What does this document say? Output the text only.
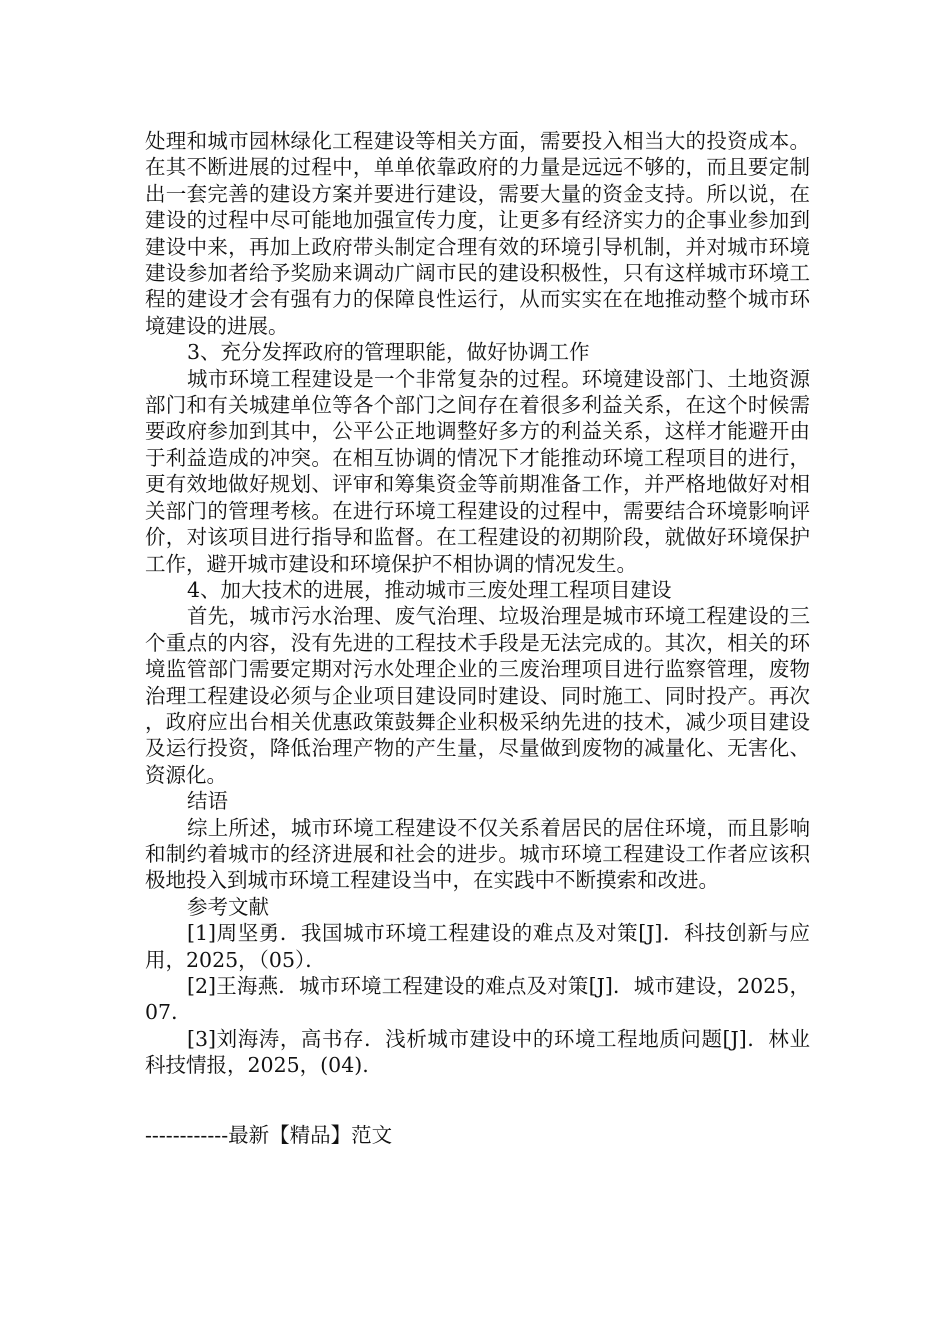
处理和城市园林绿化工程建设等相关方面，需要投入相当大的投资成本。在其不断进展的过程中，单单依靠政府的力量是远远不够的，而且要定制出一套完善的建设方案并要进行建设，需要大量的资金支持。所以说，在建设的过程中尽可能地加强宣传力度，让更多有经济实力的企事业参加到建设中来，再加上政府带头制定合理有效的环境引导机制，并对城市环境建设参加者给予奖励来调动广阔市民的建设积极性，只有这样城市环境工程的建设才会有强有力的保障良性运行，从而实实在在地推动整个城市环境建设的进展。

3、充分发挥政府的管理职能，做好协调工作

城市环境工程建设是一个非常复杂的过程。环境建设部门、土地资源部门和有关城建单位等各个部门之间存在着很多利益关系，在这个时候需要政府参加到其中，公平公正地调整好多方的利益关系，这样才能避开由于利益造成的冲突。在相互协调的情况下才能推动环境工程项目的进行，更有效地做好规划、评审和筹集资金等前期准备工作，并严格地做好对相关部门的管理考核。在进行环境工程建设的过程中，需要结合环境影响评价，对该项目进行指导和监督。在工程建设的初期阶段，就做好环境保护工作，避开城市建设和环境保护不相协调的情况发生。

4、加大技术的进展，推动城市三废处理工程项目建设

首先，城市污水治理、废气治理、垃圾治理是城市环境工程建设的三个重点的内容，没有先进的工程技术手段是无法完成的。其次，相关的环境监管部门需要定期对污水处理企业的三废治理项目进行监察管理，废物治理工程建设必须与企业项目建设同时建设、同时施工、同时投产。再次，政府应出台相关优惠政策鼓舞企业积极采纳先进的技术，减少项目建设及运行投资，降低治理产物的产生量，尽量做到废物的减量化、无害化、资源化。

结语

综上所述，城市环境工程建设不仅关系着居民的居住环境，而且影响和制约着城市的经济进展和社会的进步。城市环境工程建设工作者应该积极地投入到城市环境工程建设当中，在实践中不断摸索和改进。

参考文献

[1]周坚勇．我国城市环境工程建设的难点及对策[J]．科技创新与应用，2025，（05）．

[2]王海燕．城市环境工程建设的难点及对策[J]．城市建设，2025，07．

[3]刘海涛，高书存．浅析城市建设中的环境工程地质问题[J]．林业科技情报，2025，(04).

------------最新【精品】范文
